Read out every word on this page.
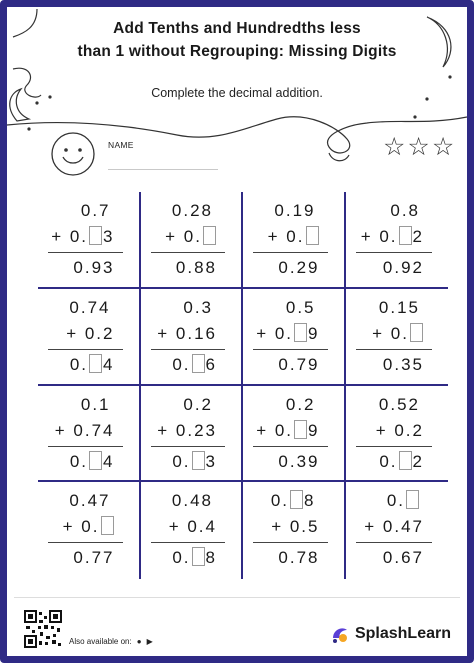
Add Tenths and Hundredths less
than 1 without Regrouping: Missing Digits
Complete the decimal addition.
NAME	☆ ☆ ☆
0.7
+ 0. 3
0.93
0.28
+ 0.
0.88
0.19
+ 0.
0.29
0.8
+ 0. 2
0.92
0.74
+ 0.2
0. 4
0.3
+ 0.16
0. 6
0.5
+ 0. 9
0.79
0.15
+ 0.
0.35
0.1
+ 0.74
0. 4
0.2
+ 0.23
0. 3
0.2
+ 0. 9
0.39
0.52
+ 0.2
0. 2
0.47
+ 0.
0.77
0.48
+ 0.4
0. 8
0. 8
+ 0.5
0.78
0.
+ 0.47
0.67
Also available on: ● ▶	SplashLearn
